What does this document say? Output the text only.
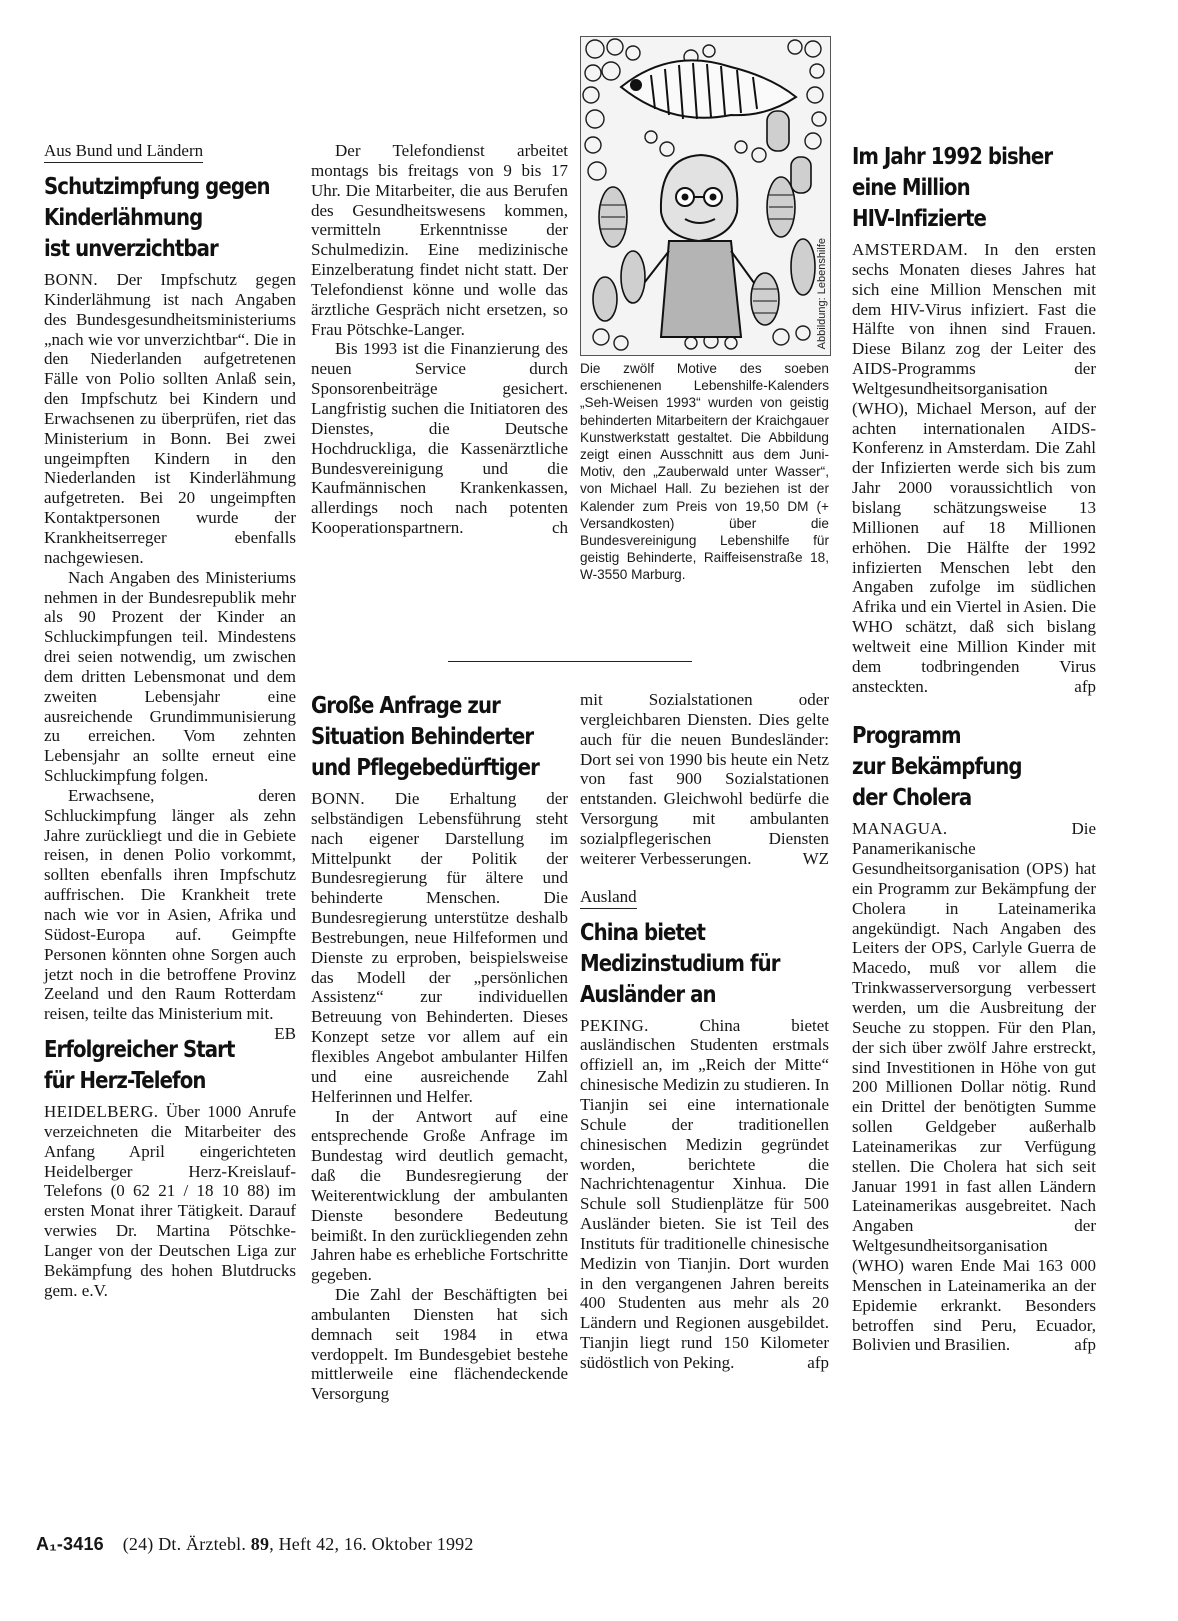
Aus Bund und Ländern
Schutzimpfung gegen
Kinderlähmung
ist unverzichtbar

BONN. Der Impfschutz gegen Kinderlähmung ist nach Angaben des Bundesgesundheitsministeriums „nach wie vor unverzichtbar“. Die in den Niederlanden aufgetretenen Fälle von Polio sollten Anlaß sein, den Impfschutz bei Kindern und Erwachsenen zu überprüfen, riet das Ministerium in Bonn. Bei zwei ungeimpften Kindern in den Niederlanden ist Kinderlähmung aufgetreten. Bei 20 ungeimpften Kontaktpersonen wurde der Krankheitserreger ebenfalls nachgewiesen.

Nach Angaben des Ministeriums nehmen in der Bundesrepublik mehr als 90 Prozent der Kinder an Schluckimpfungen teil. Mindestens drei seien notwendig, um zwischen dem dritten Lebensmonat und dem zweiten Lebensjahr eine ausreichende Grundimmunisierung zu erreichen. Vom zehnten Lebensjahr an sollte erneut eine Schluckimpfung folgen.

Erwachsene, deren Schluckimpfung länger als zehn Jahre zurückliegt und die in Gebiete reisen, in denen Polio vorkommt, sollten ebenfalls ihren Impfschutz auffrischen. Die Krankheit trete nach wie vor in Asien, Afrika und Südost-Europa auf. Geimpfte Personen könnten ohne Sorgen auch jetzt noch in die betroffene Provinz Zeeland und den Raum Rotterdam reisen, teilte das Ministerium mit.
EB

Erfolgreicher Start
für Herz-Telefon

HEIDELBERG. Über 1000 Anrufe verzeichneten die Mitarbeiter des Anfang April eingerichteten Heidelberger Herz-Kreislauf-Telefons (0 62 21 / 18 10 88) im ersten Monat ihrer Tätigkeit. Darauf verwies Dr. Martina Pötschke-Langer von der Deutschen Liga zur Bekämpfung des hohen Blutdrucks gem. e.V.

Der Telefondienst arbeitet montags bis freitags von 9 bis 17 Uhr. Die Mitarbeiter, die aus Berufen des Gesundheitswesens kommen, vermitteln Erkenntnisse der Schulmedizin. Eine medizinische Einzelberatung findet nicht statt. Der Telefondienst könne und wolle das ärztliche Gespräch nicht ersetzen, so Frau Pötschke-Langer.

Bis 1993 ist die Finanzierung des neuen Service durch Sponsorenbeiträge gesichert. Langfristig suchen die Initiatoren des Dienstes, die Deutsche Hochdruckliga, die Kassenärztliche Bundesvereinigung und die Kaufmännischen Krankenkassen, allerdings noch nach potenten Kooperationspartnern.	ch

Abbildung: Lebenshilfe

Die zwölf Motive des soeben erschienenen Lebenshilfe-Kalenders „Seh-Weisen 1993“ wurden von geistig behinderten Mitarbeitern der Kraichgauer Kunstwerkstatt gestaltet. Die Abbildung zeigt einen Ausschnitt aus dem Juni-Motiv, den „Zauberwald unter Wasser“, von Michael Hall. Zu beziehen ist der Kalender zum Preis von 19,50 DM (+ Versandkosten) über die Bundesvereinigung Lebenshilfe für geistig Behinderte, Raiffeisenstraße 18, W-3550 Marburg.

Große Anfrage zur
Situation Behinderter
und Pflegebedürftiger

BONN. Die Erhaltung der selbständigen Lebensführung steht nach eigener Darstellung im Mittelpunkt der Politik der Bundesregierung für ältere und behinderte Menschen. Die Bundesregierung unterstütze deshalb Bestrebungen, neue Hilfeformen und Dienste zu erproben, beispielsweise das Modell der „persönlichen Assistenz“ zur individuellen Betreuung von Behinderten. Dieses Konzept setze vor allem auf ein flexibles Angebot ambulanter Hilfen und eine ausreichende Zahl Helferinnen und Helfer.

In der Antwort auf eine entsprechende Große Anfrage im Bundestag wird deutlich gemacht, daß die Bundesregierung der Weiterentwicklung der ambulanten Dienste besondere Bedeutung beimißt. In den zurückliegenden zehn Jahren habe es erhebliche Fortschritte gegeben.

Die Zahl der Beschäftigten bei ambulanten Diensten hat sich demnach seit 1984 in etwa verdoppelt. Im Bundesgebiet bestehe mittlerweile eine flächendeckende Versorgung

mit Sozialstationen oder vergleichbaren Diensten. Dies gelte auch für die neuen Bundesländer: Dort sei von 1990 bis heute ein Netz von fast 900 Sozialstationen entstanden. Gleichwohl bedürfe die Versorgung mit ambulanten sozialpflegerischen Diensten weiterer Verbesserungen.	WZ

Ausland
China bietet
Medizinstudium für
Ausländer an

PEKING.	China bietet ausländischen Studenten erstmals offiziell an, im „Reich der Mitte“ chinesische Medizin zu studieren. In Tianjin sei eine internationale Schule der traditionellen chinesischen Medizin gegründet worden, berichtete die Nachrichtenagentur Xinhua. Die Schule soll Studienplätze für 500 Ausländer bieten. Sie ist Teil des Instituts für traditionelle chinesische Medizin von Tianjin. Dort wurden in den vergangenen Jahren bereits 400 Studenten aus mehr als 20 Ländern und Regionen ausgebildet. Tianjin liegt rund 150 Kilometer südöstlich von Peking.	afp

Im Jahr 1992 bisher
eine Million
HIV-Infizierte

AMSTERDAM. In den ersten sechs Monaten dieses Jahres hat sich eine Million Menschen mit dem HIV-Virus infiziert. Fast die Hälfte von ihnen sind Frauen. Diese Bilanz zog der Leiter des AIDS-Programms der Weltgesundheitsorganisation (WHO), Michael Merson, auf der achten internationalen AIDS-Konferenz in Amsterdam. Die Zahl der Infizierten werde sich bis zum Jahr 2000 voraussichtlich von bislang schätzungsweise 13 Millionen auf 18 Millionen erhöhen. Die Hälfte der 1992 infizierten Menschen lebt den Angaben zufolge im südlichen Afrika und ein Viertel in Asien. Die WHO schätzt, daß sich bislang weltweit eine Million Kinder mit dem todbringenden Virus ansteckten.	afp

Programm
zur Bekämpfung
der Cholera

MANAGUA.	Die Panamerikanische Gesundheitsorganisation (OPS) hat ein Programm zur Bekämpfung der Cholera in Lateinamerika angekündigt. Nach Angaben des Leiters der OPS, Carlyle Guerra de Macedo, muß vor allem die Trinkwasserversorgung verbessert werden, um die Ausbreitung der Seuche zu stoppen. Für den Plan, der sich über zwölf Jahre erstreckt, sind Investitionen in Höhe von gut 200 Millionen Dollar nötig. Rund ein Drittel der benötigten Summe sollen Geldgeber außerhalb Lateinamerikas zur Verfügung stellen. Die Cholera hat sich seit Januar 1991 in fast allen Ländern Lateinamerikas ausgebreitet. Nach Angaben der Weltgesundheitsorganisation (WHO) waren Ende Mai 163 000 Menschen in Lateinamerika an der Epidemie erkrankt. Besonders betroffen sind Peru, Ecuador, Bolivien und Brasilien.	afp

A₁-3416 (24) Dt. Ärztebl. 89, Heft 42, 16. Oktober 1992
